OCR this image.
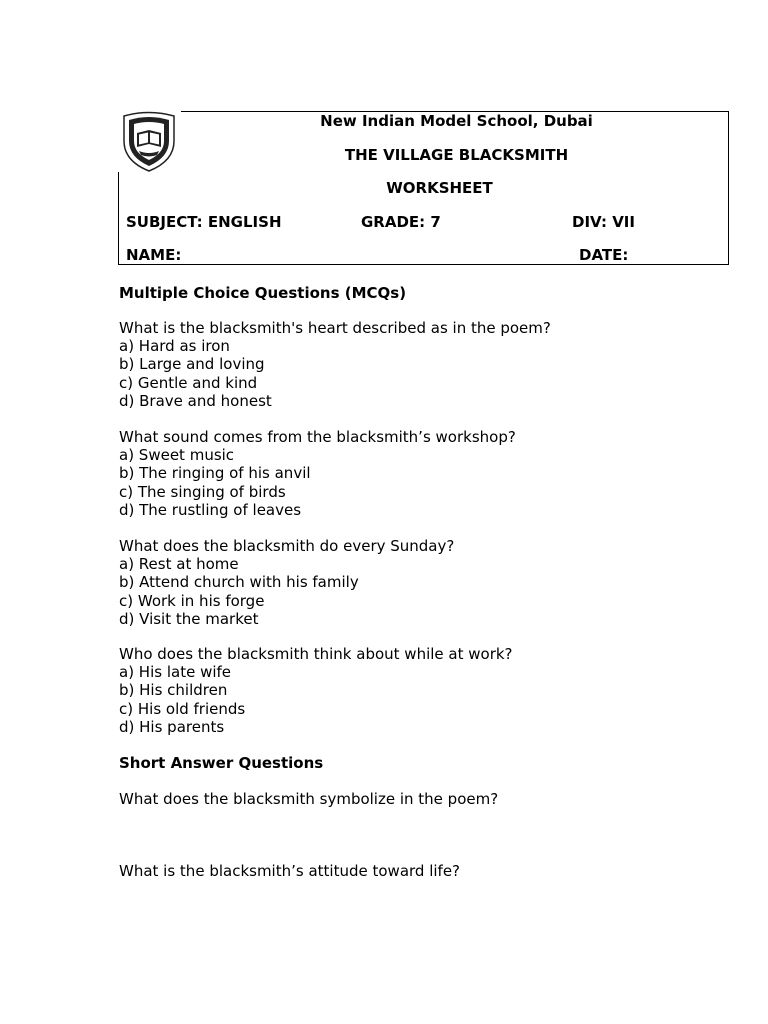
New Indian Model School, Dubai
THE VILLAGE BLACKSMITH
WORKSHEET
SUBJECT: ENGLISH	GRADE: 7	DIV: VII
NAME:	DATE:
Multiple Choice Questions (MCQs)
What is the blacksmith's heart described as in the poem?
a) Hard as iron
b) Large and loving
c) Gentle and kind
d) Brave and honest
What sound comes from the blacksmith’s workshop?
a) Sweet music
b) The ringing of his anvil
c) The singing of birds
d) The rustling of leaves
What does the blacksmith do every Sunday?
a) Rest at home
b) Attend church with his family
c) Work in his forge
d) Visit the market
Who does the blacksmith think about while at work?
a) His late wife
b) His children
c) His old friends
d) His parents
Short Answer Questions
What does the blacksmith symbolize in the poem?
What is the blacksmith’s attitude toward life?
